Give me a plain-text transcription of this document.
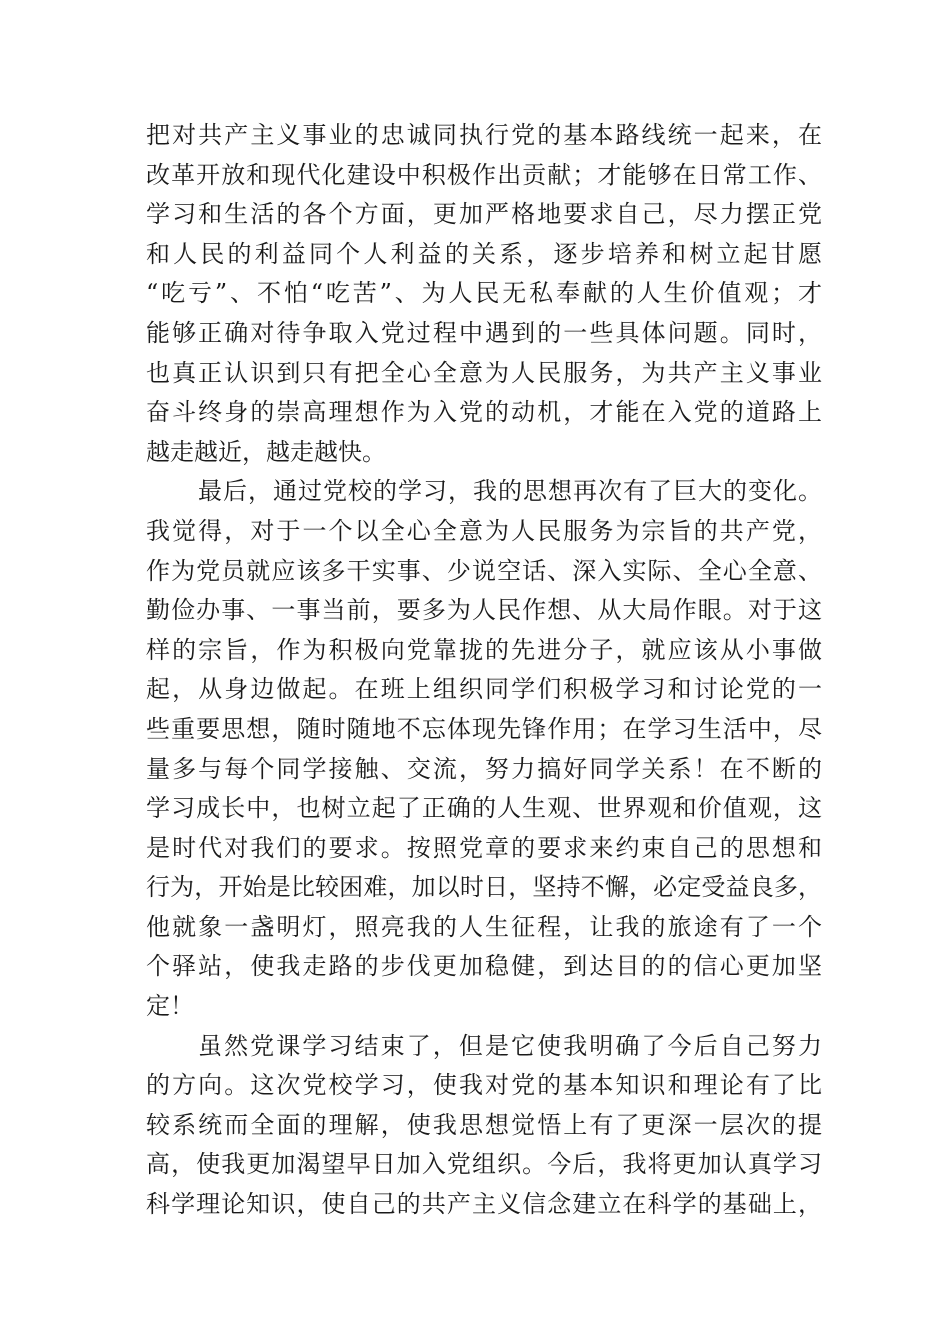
把对共产主义事业的忠诚同执行党的基本路线统一起来，在
改革开放和现代化建设中积极作出贡献；才能够在日常工作、
学习和生活的各个方面，更加严格地要求自己，尽力摆正党
和人民的利益同个人利益的关系，逐步培养和树立起甘愿
“吃亏”、不怕“吃苦”、为人民无私奉献的人生价值观；才
能够正确对待争取入党过程中遇到的一些具体问题。同时，
也真正认识到只有把全心全意为人民服务，为共产主义事业
奋斗终身的崇高理想作为入党的动机，才能在入党的道路上
越走越近，越走越快。
最后，通过党校的学习，我的思想再次有了巨大的变化。
我觉得，对于一个以全心全意为人民服务为宗旨的共产党，
作为党员就应该多干实事、少说空话、深入实际、全心全意、
勤俭办事、一事当前，要多为人民作想、从大局作眼。对于这
样的宗旨，作为积极向党靠拢的先进分子，就应该从小事做
起，从身边做起。在班上组织同学们积极学习和讨论党的一
些重要思想，随时随地不忘体现先锋作用；在学习生活中，尽
量多与每个同学接触、交流，努力搞好同学关系！在不断的
学习成长中，也树立起了正确的人生观、世界观和价值观，这
是时代对我们的要求。按照党章的要求来约束自己的思想和
行为，开始是比较困难，加以时日，坚持不懈，必定受益良多，
他就象一盏明灯，照亮我的人生征程，让我的旅途有了一个
个驿站，使我走路的步伐更加稳健，到达目的的信心更加坚
定！
虽然党课学习结束了，但是它使我明确了今后自己努力
的方向。这次党校学习，使我对党的基本知识和理论有了比
较系统而全面的理解，使我思想觉悟上有了更深一层次的提
高，使我更加渴望早日加入党组织。今后，我将更加认真学习
科学理论知识，使自己的共产主义信念建立在科学的基础上，
